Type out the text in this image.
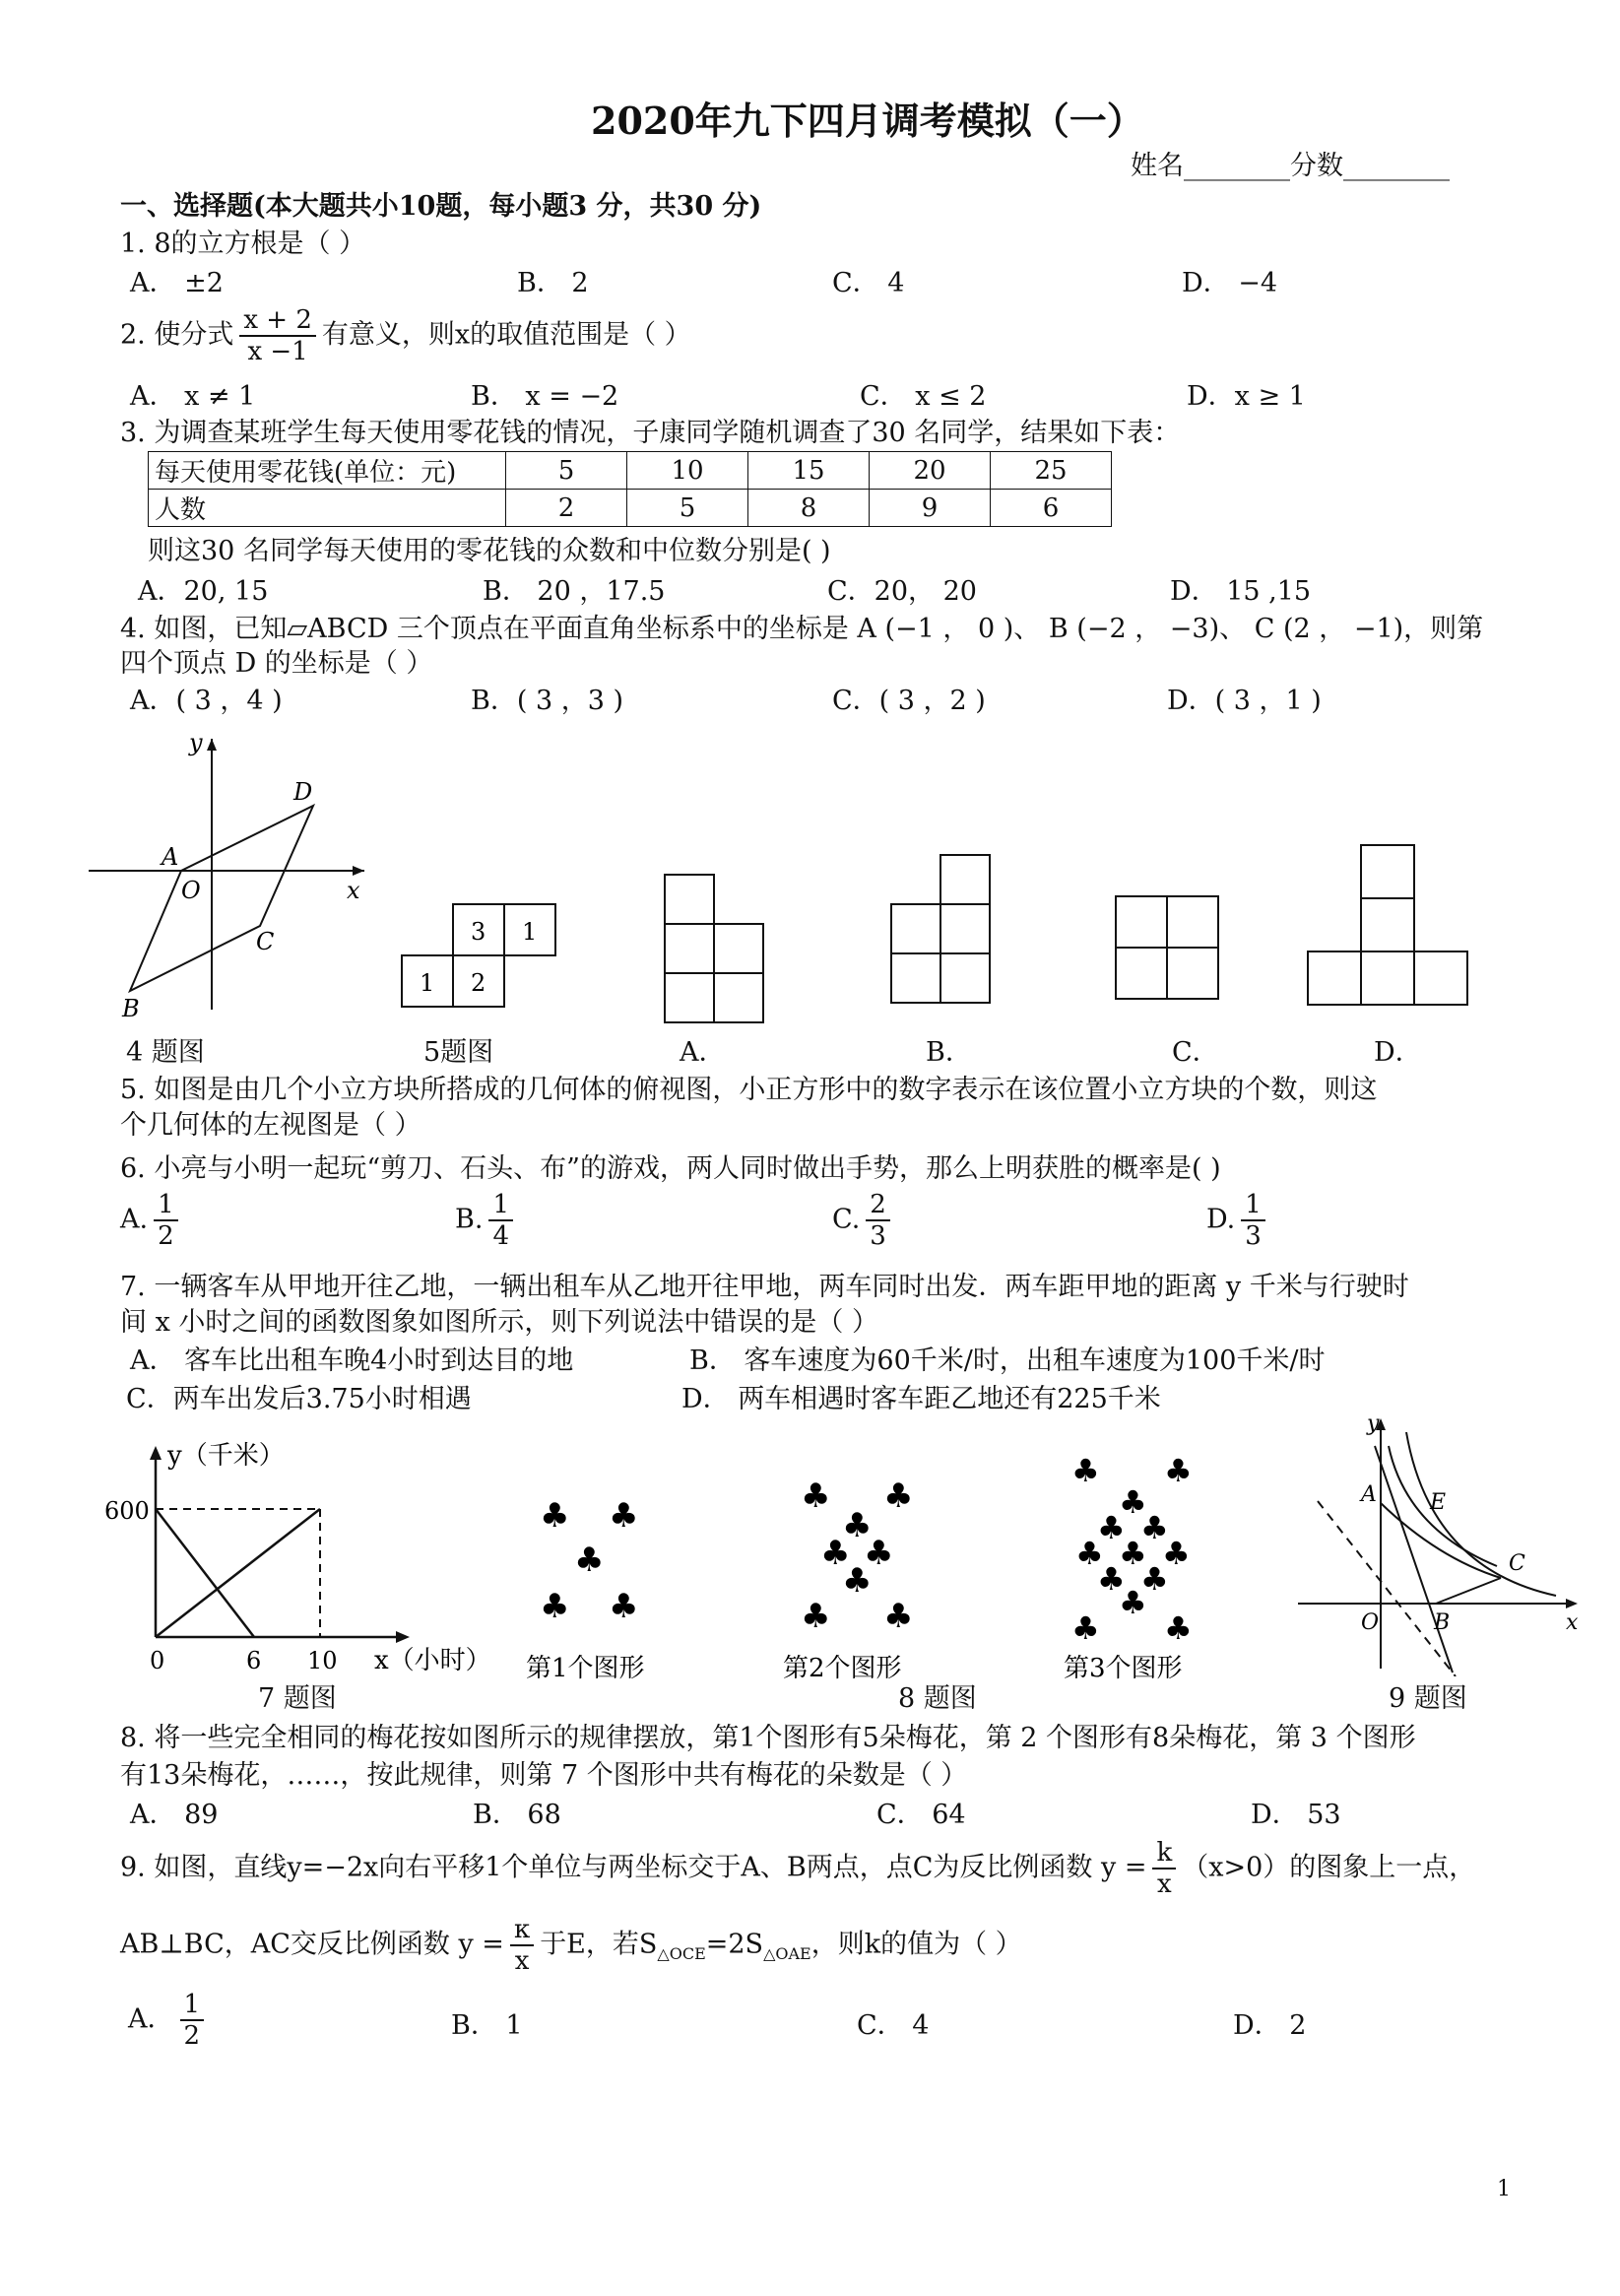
2020年九下四月调考模拟（一）
姓名________分数________
一、选择题(本大题共小10题，每小题3 分，共30 分)
1. 8的立方根是（ ）
A． ±2	B． 2	C． 4	D． −4
2. 使分式 $\frac{x + 2}{x -1}$ 有意义，则x的取值范围是（ ）
A． x ≠ 1	B． x = −2	C． x ≤ 2	D．x ≥ 1
3. 为调查某班学生每天使用零花钱的情况，子康同学随机调查了30 名同学，结果如下表：
每天使用零花钱(单位：元)	5	10	15	20	25
人数	2	5	8	9	6
则这30 名同学每天使用的零花钱的众数和中位数分别是( )
A．20, 15	B． 20 ，17.5	C．20， 20	D． 15 ,15
4. 如图，已知▱ABCD 三个顶点在平面直角坐标系中的坐标是 A (−1 ， 0 )、 B (−2 ， −3)、 C (2 ， −1)，则第
四个顶点 D 的坐标是（ ）
A．( 3 ，4 )	B．( 3 ，3 )	C．( 3 ，2 )	D．( 3 ，1 )
y
x
A
O
B
C
D
3 1
1 2
4 题图	5题图	A．	B．	C．	D．
5. 如图是由几个小立方块所搭成的几何体的俯视图，小正方形中的数字表示在该位置小立方块的个数，则这
个几何体的左视图是（ ）
6. 小亮与小明一起玩“剪刀、石头、布”的游戏，两人同时做出手势，那么上明获胜的概率是( )
A. $\frac{1}{2}$	B. $\frac{1}{4}$	C. $\frac{2}{3}$	D. $\frac{1}{3}$
7. 一辆客车从甲地开往乙地，一辆出租车从乙地开往甲地，两车同时出发．两车距甲地的距离 y 千米与行驶时
间 x 小时之间的函数图象如图所示，则下列说法中错误的是（ ）
A． 客车比出租车晚4小时到达目的地	B． 客车速度为60千米/时，出租车速度为100千米/时
C．两车出发后3.75小时相遇	D． 两车相遇时客车距乙地还有225千米
y（千米）
600
0	6 10 x（小时）
♣ ♣
♣
♣ ♣
第1个图形
♣ ♣
♣
♣ ♣
♣
♣ ♣
第2个图形
♣ ♣
♣
♣ ♣
♣ ♣ ♣
♣ ♣
♣
♣ ♣
第3个图形
y
A E
C
O	B	x
7 题图	8 题图	9 题图
8. 将一些完全相同的梅花按如图所示的规律摆放，第1个图形有5朵梅花，第 2 个图形有8朵梅花，第 3 个图形
有13朵梅花，……，按此规律，则第 7 个图形中共有梅花的朵数是（ ）
A． 89	B． 68	C． 64	D． 53
9. 如图，直线y=−2x向右平移1个单位与两坐标交于A、B两点，点C为反比例函数 $y = \frac{k}{x} (x>0)$的图象上一点，
AB⊥BC，AC交反比例函数 $y = \frac{\kappa}{x}$ 于E，若$S_{\triangle OCE}=2S_{\triangle OAE}$，则k的值为（ ）
A． $\frac{1}{2}$	B． 1	C． 4	D． 2
1
